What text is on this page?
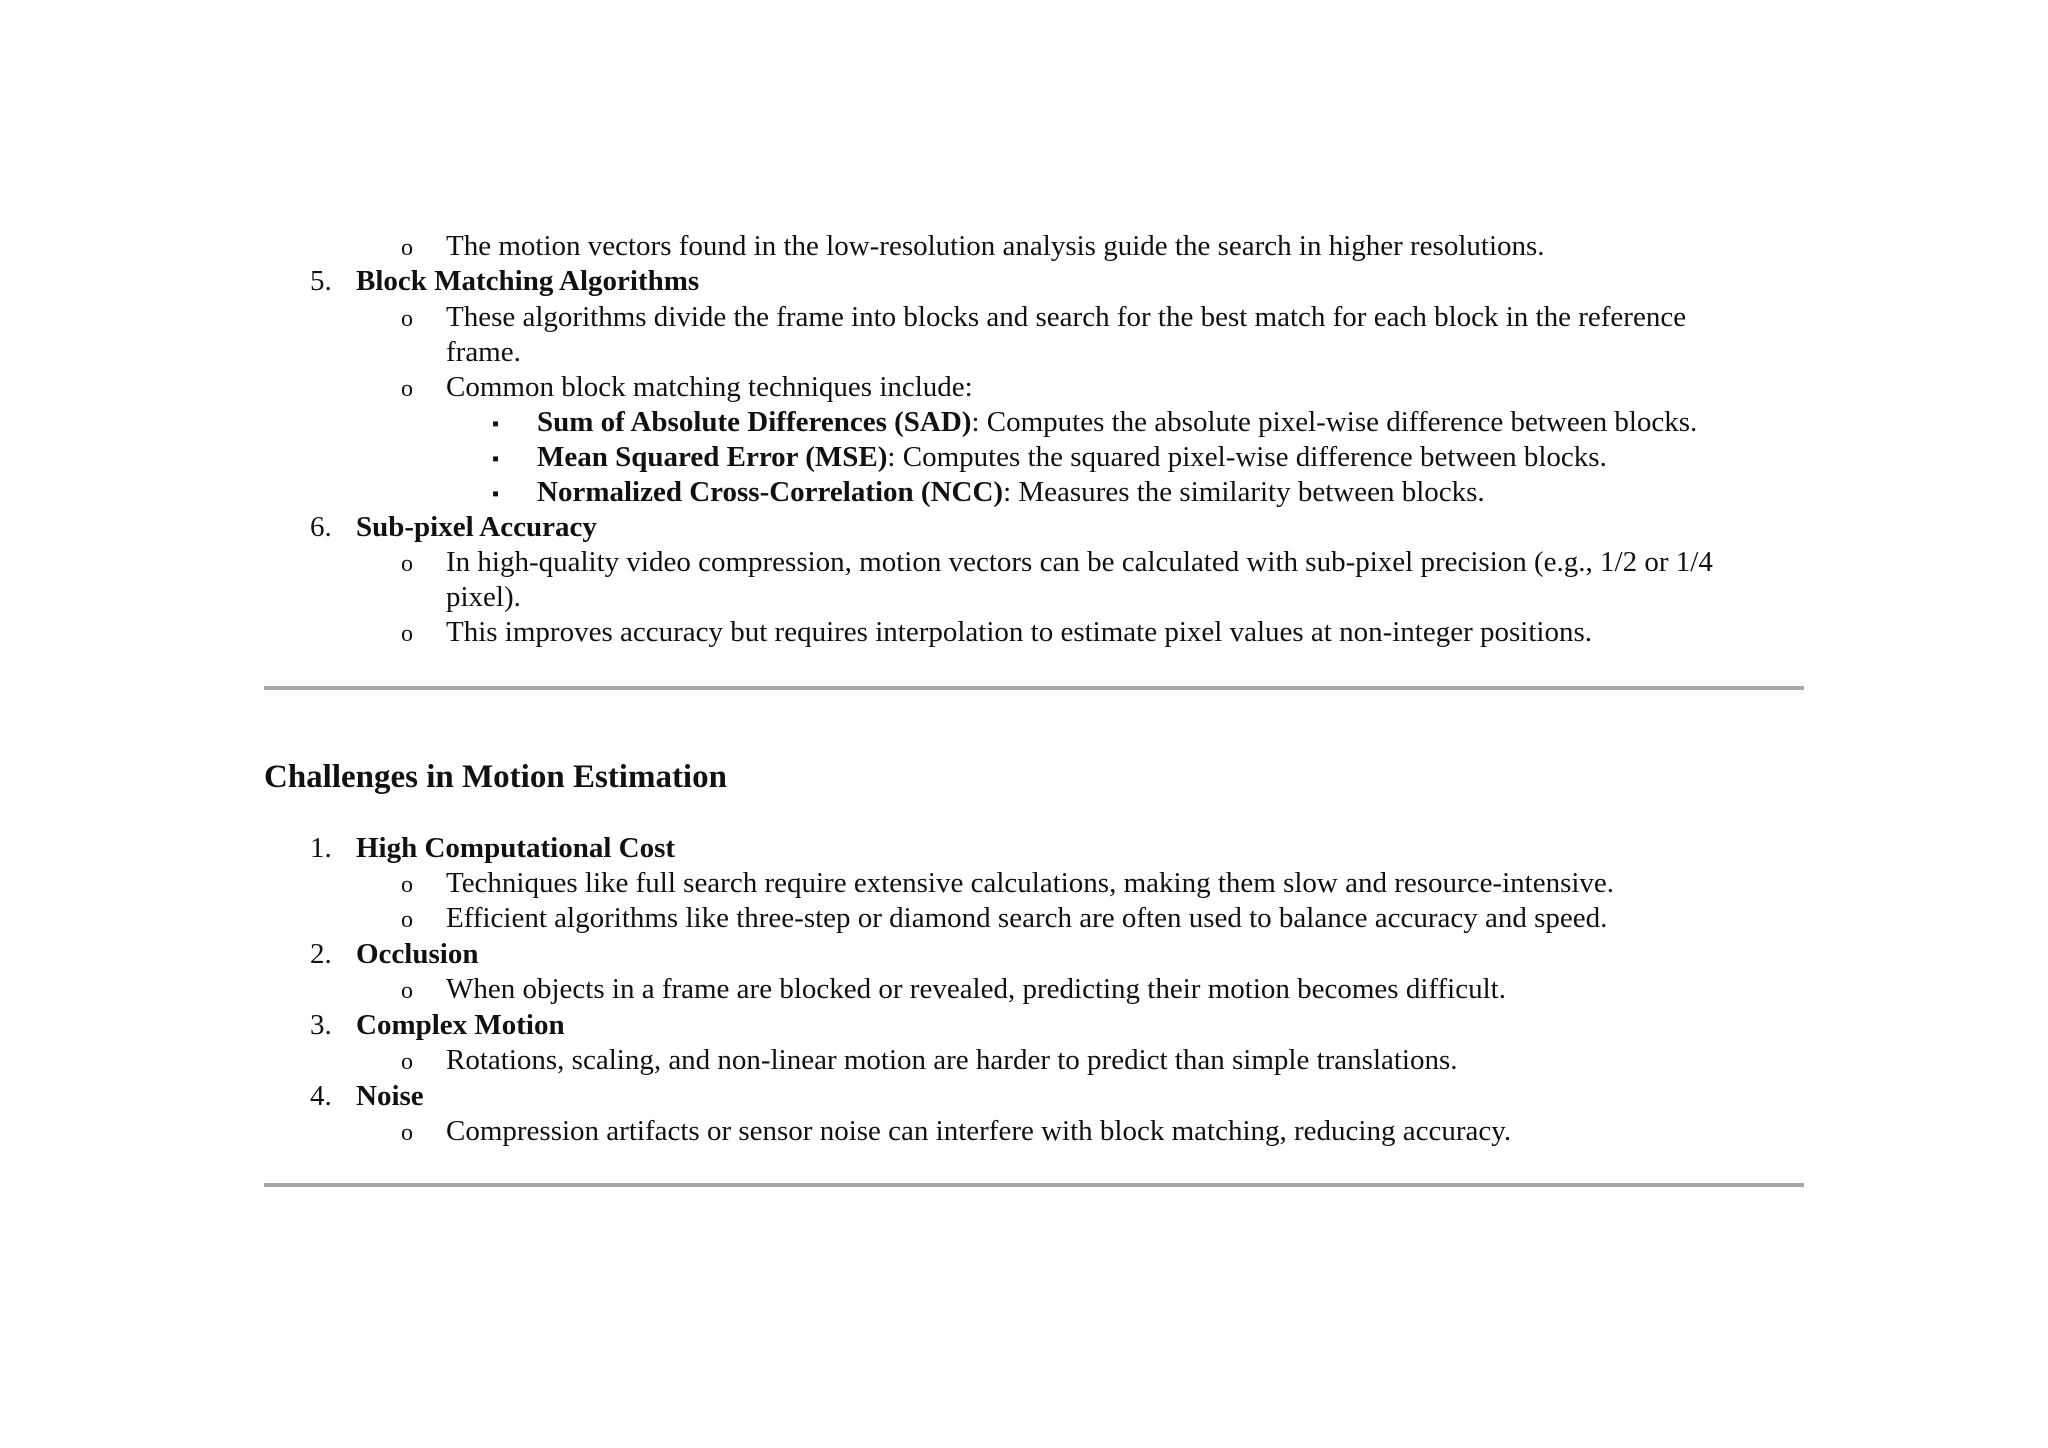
o The motion vectors found in the low-resolution analysis guide the search in higher resolutions.
5. Block Matching Algorithms
o These algorithms divide the frame into blocks and search for the best match for each block in the reference
frame.
o Common block matching techniques include:
▪ Sum of Absolute Differences (SAD): Computes the absolute pixel-wise difference between blocks.
▪ Mean Squared Error (MSE): Computes the squared pixel-wise difference between blocks.
▪ Normalized Cross-Correlation (NCC): Measures the similarity between blocks.
6. Sub-pixel Accuracy
o In high-quality video compression, motion vectors can be calculated with sub-pixel precision (e.g., 1/2 or 1/4
pixel).
o This improves accuracy but requires interpolation to estimate pixel values at non-integer positions.
Challenges in Motion Estimation
1. High Computational Cost
o Techniques like full search require extensive calculations, making them slow and resource-intensive.
o Efficient algorithms like three-step or diamond search are often used to balance accuracy and speed.
2. Occlusion
o When objects in a frame are blocked or revealed, predicting their motion becomes difficult.
3. Complex Motion
o Rotations, scaling, and non-linear motion are harder to predict than simple translations.
4. Noise
o Compression artifacts or sensor noise can interfere with block matching, reducing accuracy.
